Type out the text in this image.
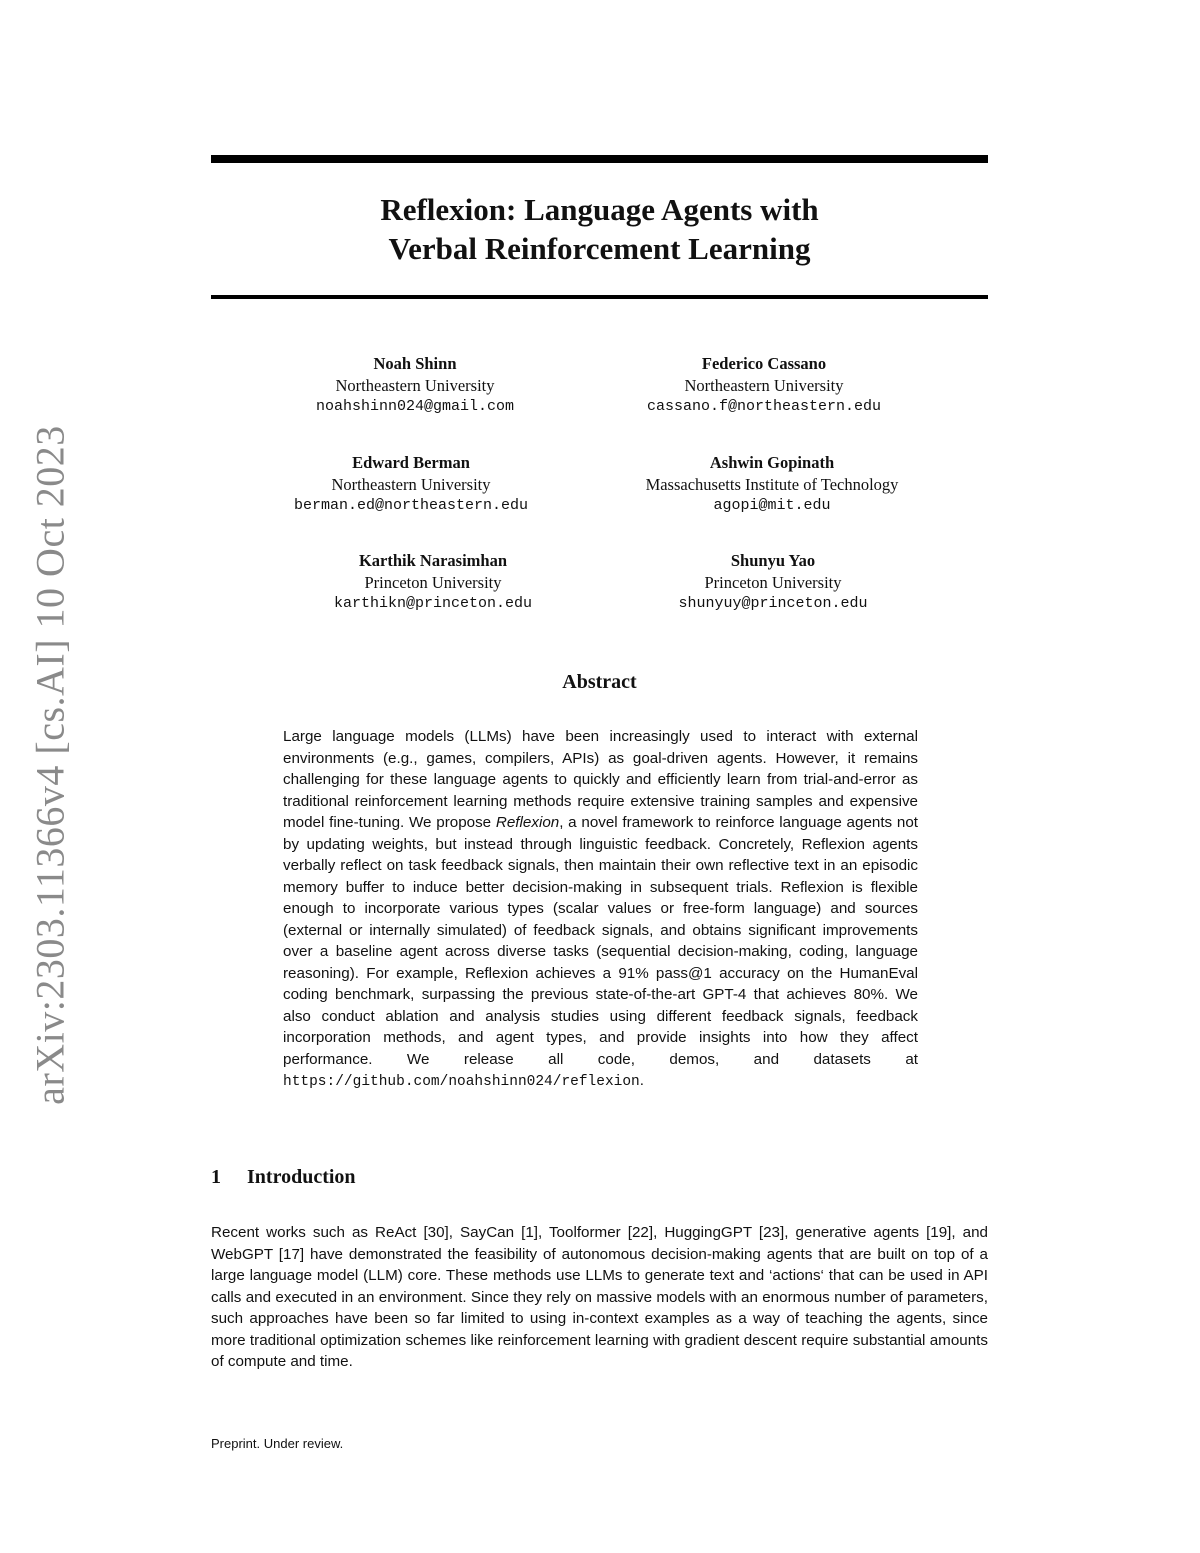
arXiv:2303.11366v4 [cs.AI] 10 Oct 2023
Reflexion: Language Agents with
Verbal Reinforcement Learning
Noah Shinn
Northeastern University
noahshinn024@gmail.com
Federico Cassano
Northeastern University
cassano.f@northeastern.edu
Edward Berman
Northeastern University
berman.ed@northeastern.edu
Ashwin Gopinath
Massachusetts Institute of Technology
agopi@mit.edu
Karthik Narasimhan
Princeton University
karthikn@princeton.edu
Shunyu Yao
Princeton University
shunyuy@princeton.edu
Abstract
Large language models (LLMs) have been increasingly used to interact with external environments (e.g., games, compilers, APIs) as goal-driven agents. However, it remains challenging for these language agents to quickly and efficiently learn from trial-and-error as traditional reinforcement learning methods require extensive training samples and expensive model fine-tuning. We propose Reflexion, a novel framework to reinforce language agents not by updating weights, but instead through linguistic feedback. Concretely, Reflexion agents verbally reflect on task feedback signals, then maintain their own reflective text in an episodic memory buffer to induce better decision-making in subsequent trials. Reflexion is flexible enough to incorporate various types (scalar values or free-form language) and sources (external or internally simulated) of feedback signals, and obtains significant improvements over a baseline agent across diverse tasks (sequential decision-making, coding, language reasoning). For example, Reflexion achieves a 91% pass@1 accuracy on the HumanEval coding benchmark, surpassing the previous state-of-the-art GPT-4 that achieves 80%. We also conduct ablation and analysis studies using different feedback signals, feedback incorporation methods, and agent types, and provide insights into how they affect performance. We release all code, demos, and datasets at https://github.com/noahshinn024/reflexion.
1 Introduction
Recent works such as ReAct [30], SayCan [1], Toolformer [22], HuggingGPT [23], generative agents [19], and WebGPT [17] have demonstrated the feasibility of autonomous decision-making agents that are built on top of a large language model (LLM) core. These methods use LLMs to generate text and ‘actions‘ that can be used in API calls and executed in an environment. Since they rely on massive models with an enormous number of parameters, such approaches have been so far limited to using in-context examples as a way of teaching the agents, since more traditional optimization schemes like reinforcement learning with gradient descent require substantial amounts of compute and time.
Preprint. Under review.
